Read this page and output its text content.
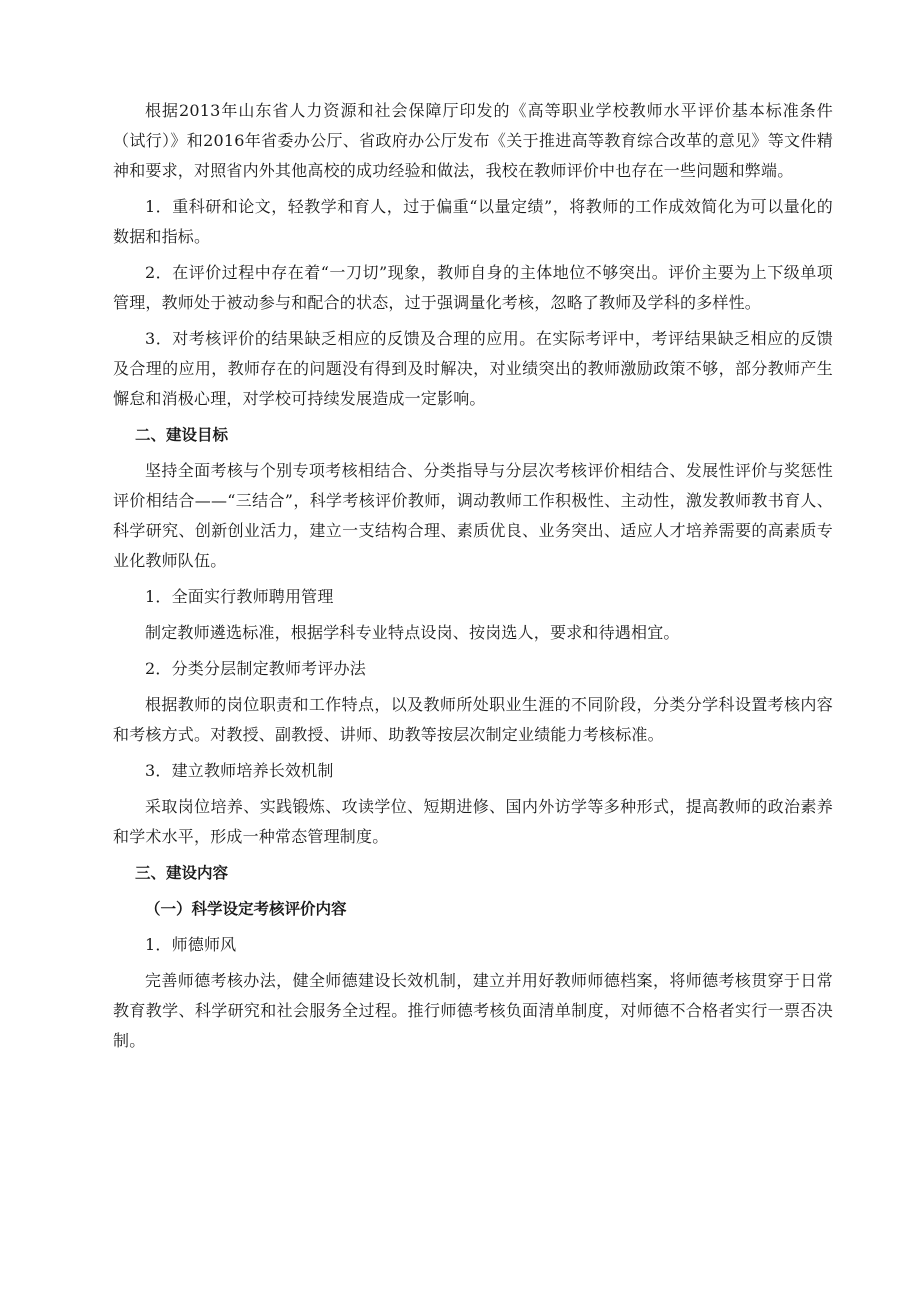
根据2013年山东省人力资源和社会保障厅印发的《高等职业学校教师水平评价基本标准条件（试行）》和2016年省委办公厅、省政府办公厅发布《关于推进高等教育综合改革的意见》等文件精神和要求，对照省内外其他高校的成功经验和做法，我校在教师评价中也存在一些问题和弊端。

1．重科研和论文，轻教学和育人，过于偏重“以量定绩”，将教师的工作成效简化为可以量化的数据和指标。

2．在评价过程中存在着“一刀切”现象，教师自身的主体地位不够突出。评价主要为上下级单项管理，教师处于被动参与和配合的状态，过于强调量化考核，忽略了教师及学科的多样性。

3．对考核评价的结果缺乏相应的反馈及合理的应用。在实际考评中，考评结果缺乏相应的反馈及合理的应用，教师存在的问题没有得到及时解决，对业绩突出的教师激励政策不够，部分教师产生懈怠和消极心理，对学校可持续发展造成一定影响。

二、建设目标

坚持全面考核与个别专项考核相结合、分类指导与分层次考核评价相结合、发展性评价与奖惩性评价相结合——“三结合”，科学考核评价教师，调动教师工作积极性、主动性，激发教师教书育人、科学研究、创新创业活力，建立一支结构合理、素质优良、业务突出、适应人才培养需要的高素质专业化教师队伍。

1．全面实行教师聘用管理

制定教师遴选标准，根据学科专业特点设岗、按岗选人，要求和待遇相宜。

2．分类分层制定教师考评办法

根据教师的岗位职责和工作特点，以及教师所处职业生涯的不同阶段，分类分学科设置考核内容和考核方式。对教授、副教授、讲师、助教等按层次制定业绩能力考核标准。

3．建立教师培养长效机制

采取岗位培养、实践锻炼、攻读学位、短期进修、国内外访学等多种形式，提高教师的政治素养和学术水平，形成一种常态管理制度。

三、建设内容
（一）科学设定考核评价内容

1．师德师风

完善师德考核办法，健全师德建设长效机制，建立并用好教师师德档案，将师德考核贯穿于日常教育教学、科学研究和社会服务全过程。推行师德考核负面清单制度，对师德不合格者实行一票否决制。
